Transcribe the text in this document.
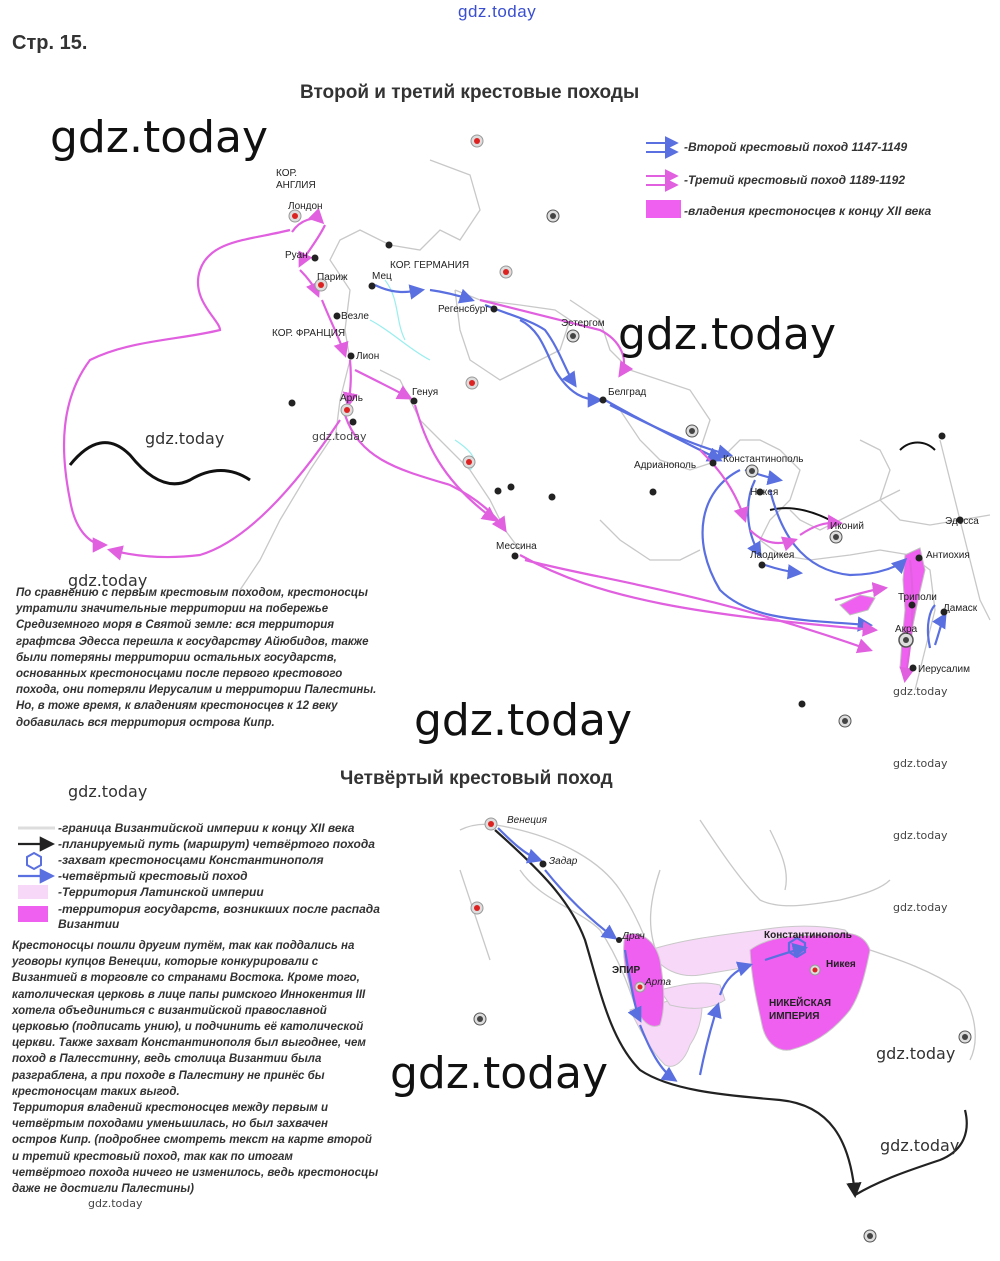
gdz.today
Стр. 15.
Второй и третий крестовые походы
Четвёртый крестовый поход
КОР.
АНГЛИЯ
Лондон
Руан
Париж
Везле
КОР. ФРАНЦИЯ
Лион
Арль
Генуя
Мец
КОР. ГЕРМАНИЯ
Регенсбург
Эстергом
Белград
Адрианополь
Константинополь
Никея
Лаодикея
Иконий	Эдесса
Антиохия
Триполи
Дамаск
Акра
Иерусалим
Мессина
Венеция
Задар
Драч
ЭПИР
Арта
Константинополь
Никея
НИКЕЙСКАЯ
ИМПЕРИЯ
-Второй крестовый поход 1147-1149
-Третий крестовый поход 1189-1192
-владения крестоносцев к концу XII века
По сравнению с первым крестовым походом, крестоносцы
утратили значительные территории на побережье
Средиземного моря в Святой земле: вся территория
графтсва Эдесса перешла к государству Айюбидов, также
были потеряны территории остальных государств,
основанных крестоносцами после первого крестового
похода, они потеряли Иерусалим и территории Палестины.
Но, в тоже время, к владениям крестоносцев к 12 веку
добавилась вся территория острова Кипр.
-граница Византийской империи к концу XII века
-планируемый путь (маршрут) четвёртого похода
-захват крестоносцами Константинополя
-четвёртый крестовый поход
-Территория Латинской империи
-территория государств, возникших после распада
Византии
Крестоносцы пошли другим путём, так как поддались на
уговоры купцов Венеции, которые конкурировали с
Византией в торговле со странами Востока. Кроме того,
католическая церковь в лице папы римского Иннокентия III
хотела объединиться с византийской православной
церковью (подписать унию), и подчинить её католической
церкви. Также захват Константинополя был выгоднее, чем
поход в Палесстинну, ведь столица Византии была
разграблена, а при походе в Палестину не принёс бы
крестоносцам таких выгод.
Территория владений крестоносцев между первым и
четвёртым походами уменьшилась, но был захвачен
остров Кипр. (подробнее смотреть текст на карте второй
и третий крестовый поход, так как по итогам
четвёртого похода ничего не изменилось, ведь крестоносцы
даже не достигли Палестины)
gdz.today
gdz.today
gdz.today
gdz.today
gdz.today
gdz.today
gdz.today
gdz.today
gdz.today
gdz.today
gdz.today
gdz.today
gdz.today
gdz.today
gdz.today
